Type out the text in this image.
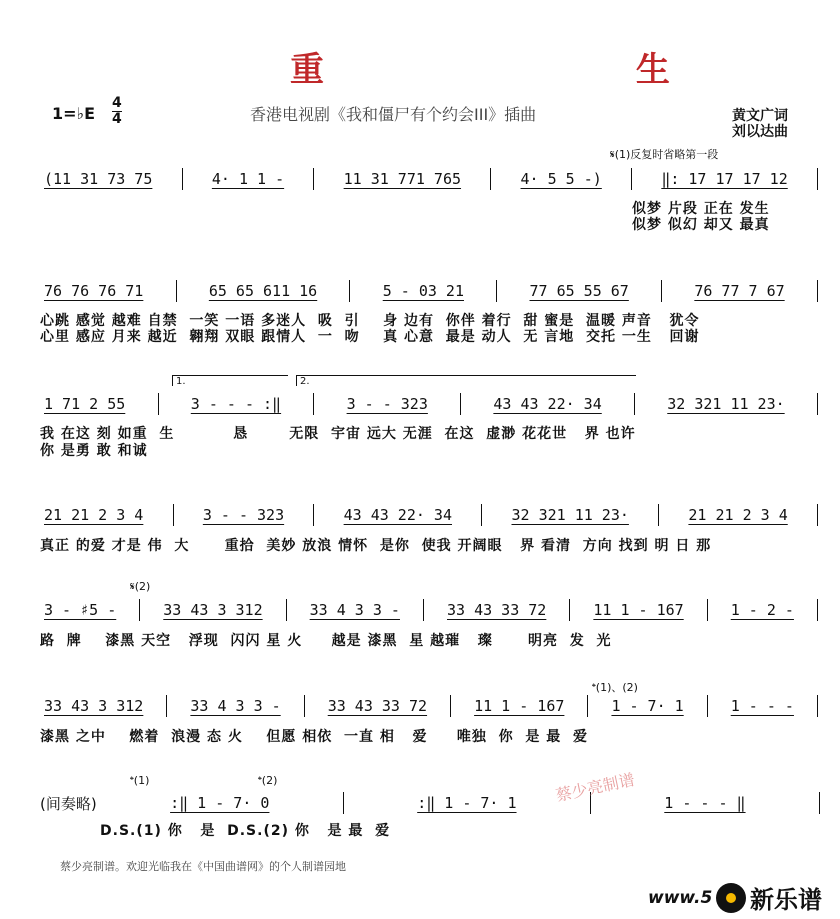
重 生
1=♭E
4
4	香港电视剧《我和僵尸有个约会III》插曲	黄文广词
刘以达曲
(11 31 73 75	4· 1 1 -	11 31 771 765	4· 5 5 -)	‖: 17 17 17 12
似梦 片段 正在 发生
似梦 似幻 却又 最真
𝄋(1)反复时省略第一段
76 76 76 71	65 65 611 16	5 - 03 21	77 65 55 67	76 77 7 67
心跳 感觉 越难 自禁  一笑 一语 多迷人  吸  引    身 边有  你伴 着行  甜 蜜是  温暖 声音   犹令
心里 感应 月来 越近  翱翔 双眼 跟情人  一  吻    真 心意  最是 动人  无 言地  交托 一生   回谢
1 71 2 55	3 - - - :‖	3 - - 323	43 43 22· 34	32 321 11 23·
我 在这 刻 如重  生          恳       无限  宇宙 远大 无涯  在这  虚渺 花花世   界 也许
你 是勇 敢 和诚
1.	2.
21 21 2 3 4	3 - - 323	43 43 22· 34	32 321 11 23·	21 21 2 3 4
真正 的爱 才是 伟  大      重拾  美妙 放浪 情怀  是你  使我 开阔眼   界 看清  方向 找到 明 日 那
3 - ♯5 -	33 43 3 312	33 4 3 3 -	33 43 33 72	11 1 - 167	1 - 2 -
路  牌    漆黑 天空   浮现  闪闪 星 火     越是 漆黑  星 越璀   璨      明亮  发  光
𝄋(2)
33 43 3 312	33 4 3 3 -	33 43 33 72	11 1 - 167	1 - 7· 1	1 - - -
漆黑 之中    燃着  浪漫 态 火    但愿 相依  一直 相   爱     唯独  你  是 最  爱
𝄌(1)、(2)
(间奏略)	:‖ 1 - 7· 0	:‖ 1 - 7· 1	1 - - - ‖
D.S.(1) 你   是  D.S.(2) 你   是 最  爱
𝄌(1)	𝄌(2)	蔡少亮制谱
蔡少亮制谱。欢迎光临我在《中国曲谱网》的个人制谱园地
新乐谱
www.5
